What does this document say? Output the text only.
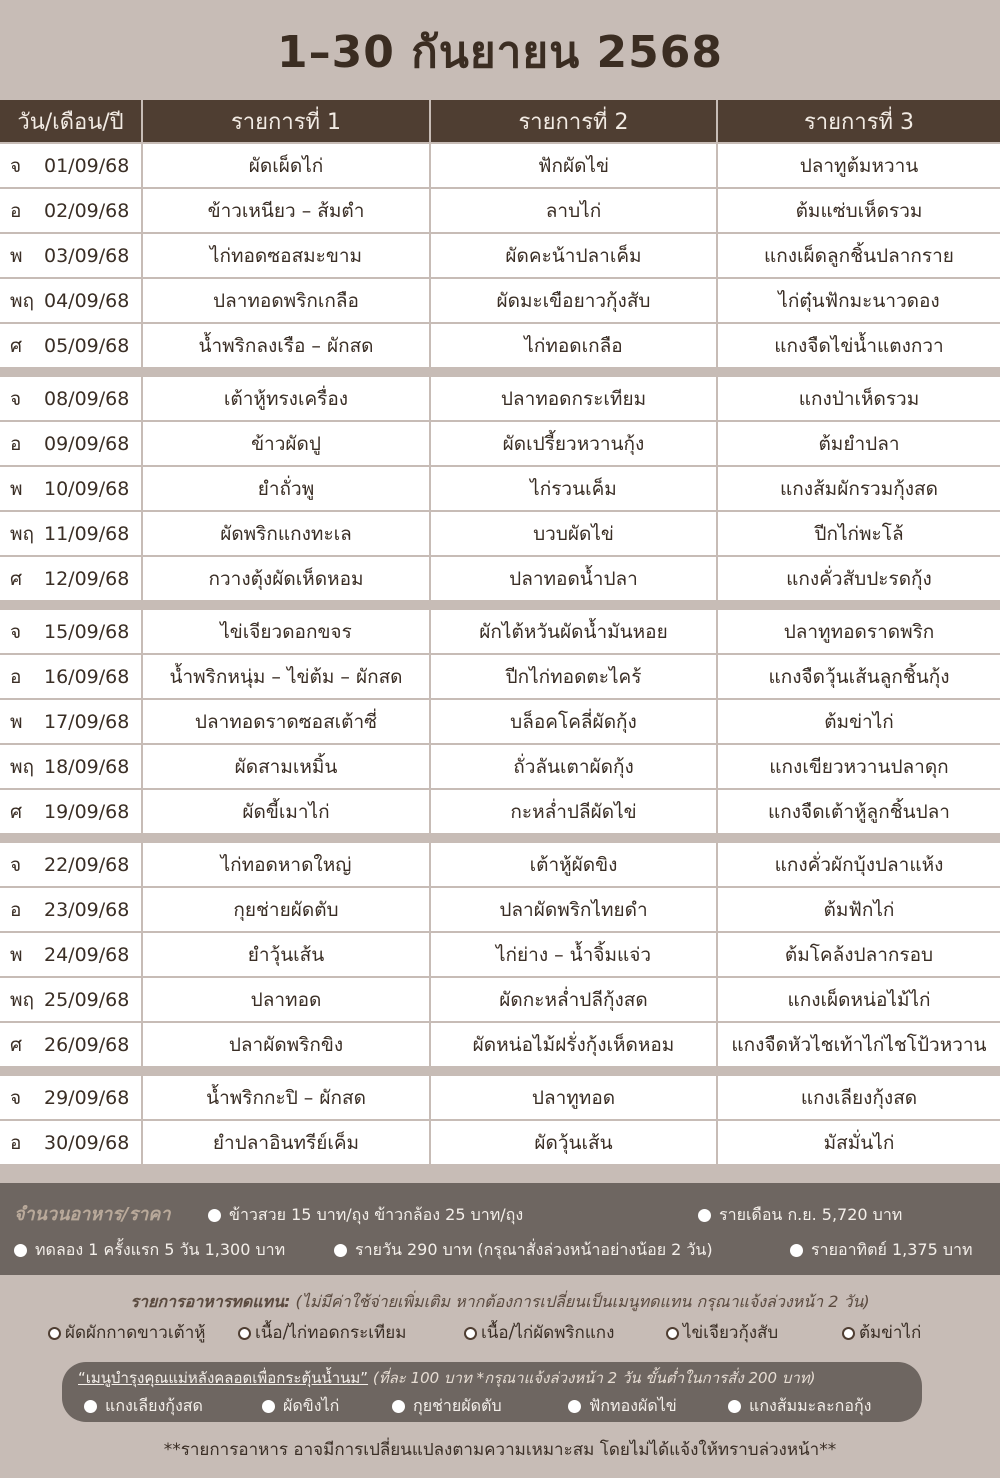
1–30 กันยายน 2568
วัน/เดือน/ปี	รายการที่ 1	รายการที่ 2	รายการที่ 3

จ 01/09/68	ผัดเผ็ดไก่	ฟักผัดไข่	ปลาทูต้มหวาน

อ 02/09/68	ข้าวเหนียว – ส้มตำ	ลาบไก่	ต้มแซ่บเห็ดรวม

พ 03/09/68	ไก่ทอดซอสมะขาม	ผัดคะน้าปลาเค็ม	แกงเผ็ดลูกชิ้นปลากราย

พฤ 04/09/68	ปลาทอดพริกเกลือ	ผัดมะเขือยาวกุ้งสับ	ไก่ตุ๋นฟักมะนาวดอง

ศ 05/09/68	น้ำพริกลงเรือ – ผักสด	ไก่ทอดเกลือ	แกงจืดไข่น้ำแตงกวา

จ 08/09/68	เต้าหู้ทรงเครื่อง	ปลาทอดกระเทียม	แกงป่าเห็ดรวม

อ 09/09/68	ข้าวผัดปู	ผัดเปรี้ยวหวานกุ้ง	ต้มยำปลา

พ 10/09/68	ยำถั่วพู	ไก่รวนเค็ม	แกงส้มผักรวมกุ้งสด

พฤ 11/09/68	ผัดพริกแกงทะเล	บวบผัดไข่	ปีกไก่พะโล้

ศ 12/09/68	กวางตุ้งผัดเห็ดหอม	ปลาทอดน้ำปลา	แกงคั่วสับปะรดกุ้ง

จ 15/09/68	ไข่เจียวดอกขจร	ผักไต้หวันผัดน้ำมันหอย	ปลาทูทอดราดพริก

อ 16/09/68	น้ำพริกหนุ่ม – ไข่ต้ม – ผักสด	ปีกไก่ทอดตะไคร้	แกงจืดวุ้นเส้นลูกชิ้นกุ้ง

พ 17/09/68	ปลาทอดราดซอสเต้าซี่	บล็อคโคลี่ผัดกุ้ง	ต้มข่าไก่

พฤ 18/09/68	ผัดสามเหมิ้น	ถั่วลันเตาผัดกุ้ง	แกงเขียวหวานปลาดุก

ศ 19/09/68	ผัดขี้เมาไก่	กะหล่ำปลีผัดไข่	แกงจืดเต้าหู้ลูกชิ้นปลา

จ 22/09/68	ไก่ทอดหาดใหญ่	เต้าหู้ผัดขิง	แกงคั่วผักบุ้งปลาแห้ง

อ 23/09/68	กุยช่ายผัดตับ	ปลาผัดพริกไทยดำ	ต้มฟักไก่

พ 24/09/68	ยำวุ้นเส้น	ไก่ย่าง – น้ำจิ้มแจ่ว	ต้มโคล้งปลากรอบ

พฤ 25/09/68	ปลาทอด	ผัดกะหล่ำปลีกุ้งสด	แกงเผ็ดหน่อไม้ไก่

ศ 26/09/68	ปลาผัดพริกขิง	ผัดหน่อไม้ฝรั่งกุ้งเห็ดหอม	แกงจืดหัวไชเท้าไก่ไชโป้วหวาน

จ 29/09/68	น้ำพริกกะปิ – ผักสด	ปลาทูทอด	แกงเลียงกุ้งสด

อ 30/09/68	ยำปลาอินทรีย์เค็ม	ผัดวุ้นเส้น	มัสมั่นไก่
จำนวนอาหาร/ราคา	ข้าวสวย 15 บาท/ถุง ข้าวกล้อง 25 บาท/ถุง	รายเดือน ก.ย. 5,720 บาท
ทดลอง 1 ครั้งแรก 5 วัน 1,300 บาท	รายวัน 290 บาท (กรุณาสั่งล่วงหน้าอย่างน้อย 2 วัน)	รายอาทิตย์ 1,375 บาท
รายการอาหารทดแทน: (ไม่มีค่าใช้จ่ายเพิ่มเติม หากต้องการเปลี่ยนเป็นเมนูทดแทน กรุณาแจ้งล่วงหน้า 2 วัน)
ผัดผักกาดขาวเต้าหู้	เนื้อ/ไก่ทอดกระเทียม	เนื้อ/ไก่ผัดพริกแกง	ไข่เจียวกุ้งสับ	ต้มข่าไก่
“เมนูบำรุงคุณแม่หลังคลอดเพื่อกระตุ้นน้ำนม” (ที่ละ 100 บาท *กรุณาแจ้งล่วงหน้า 2 วัน ขั้นต่ำในการสั่ง 200 บาท)
แกงเลียงกุ้งสด	ผัดขิงไก่	กุยช่ายผัดตับ	ฟักทองผัดไข่	แกงส้มมะละกอกุ้ง
**รายการอาหาร อาจมีการเปลี่ยนแปลงตามความเหมาะสม โดยไม่ได้แจ้งให้ทราบล่วงหน้า**
